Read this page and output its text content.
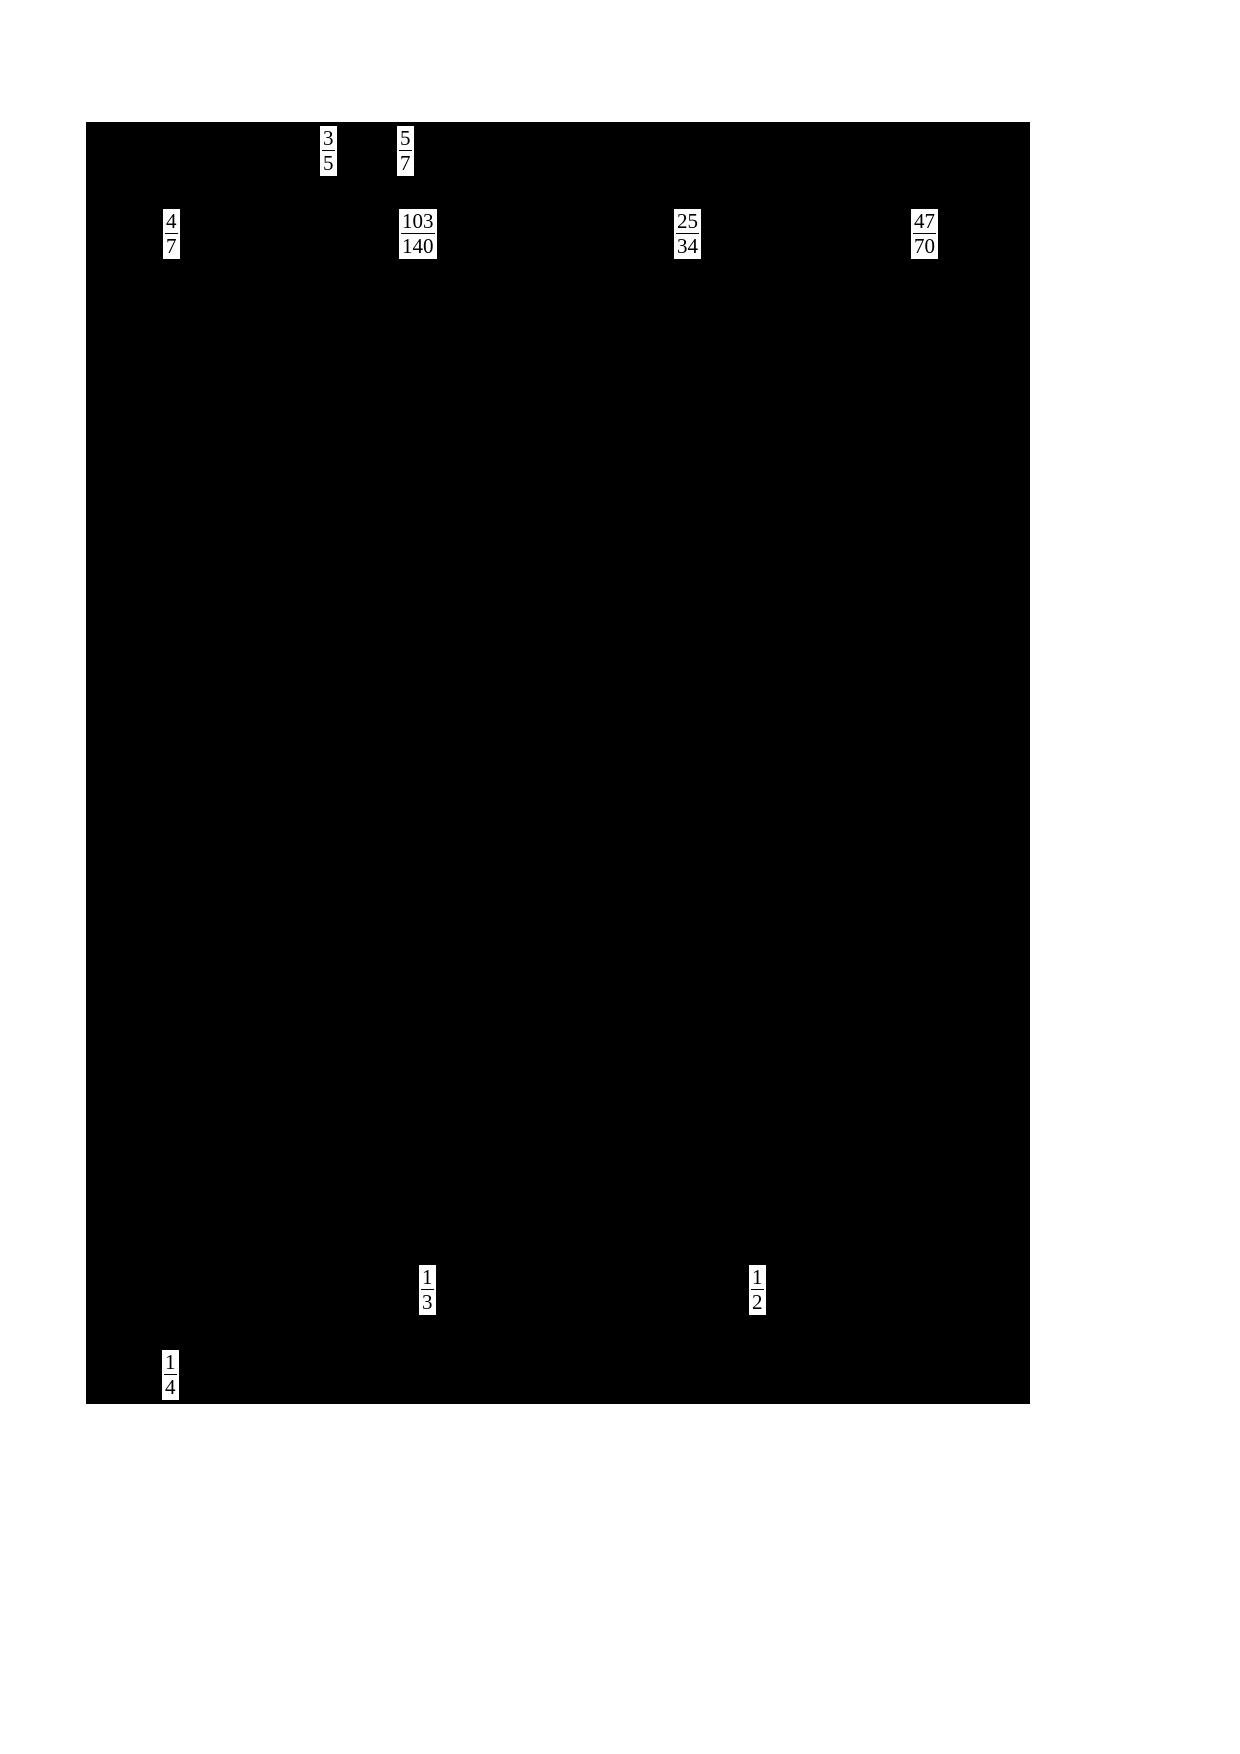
$\frac{3}{5}$	$\frac{5}{7}$
$\frac{4}{7}$	$\frac{103}{140}$	$\frac{25}{34}$	$\frac{47}{70}$
$\frac{1}{3}$	$\frac{1}{2}$
$\frac{1}{4}$
